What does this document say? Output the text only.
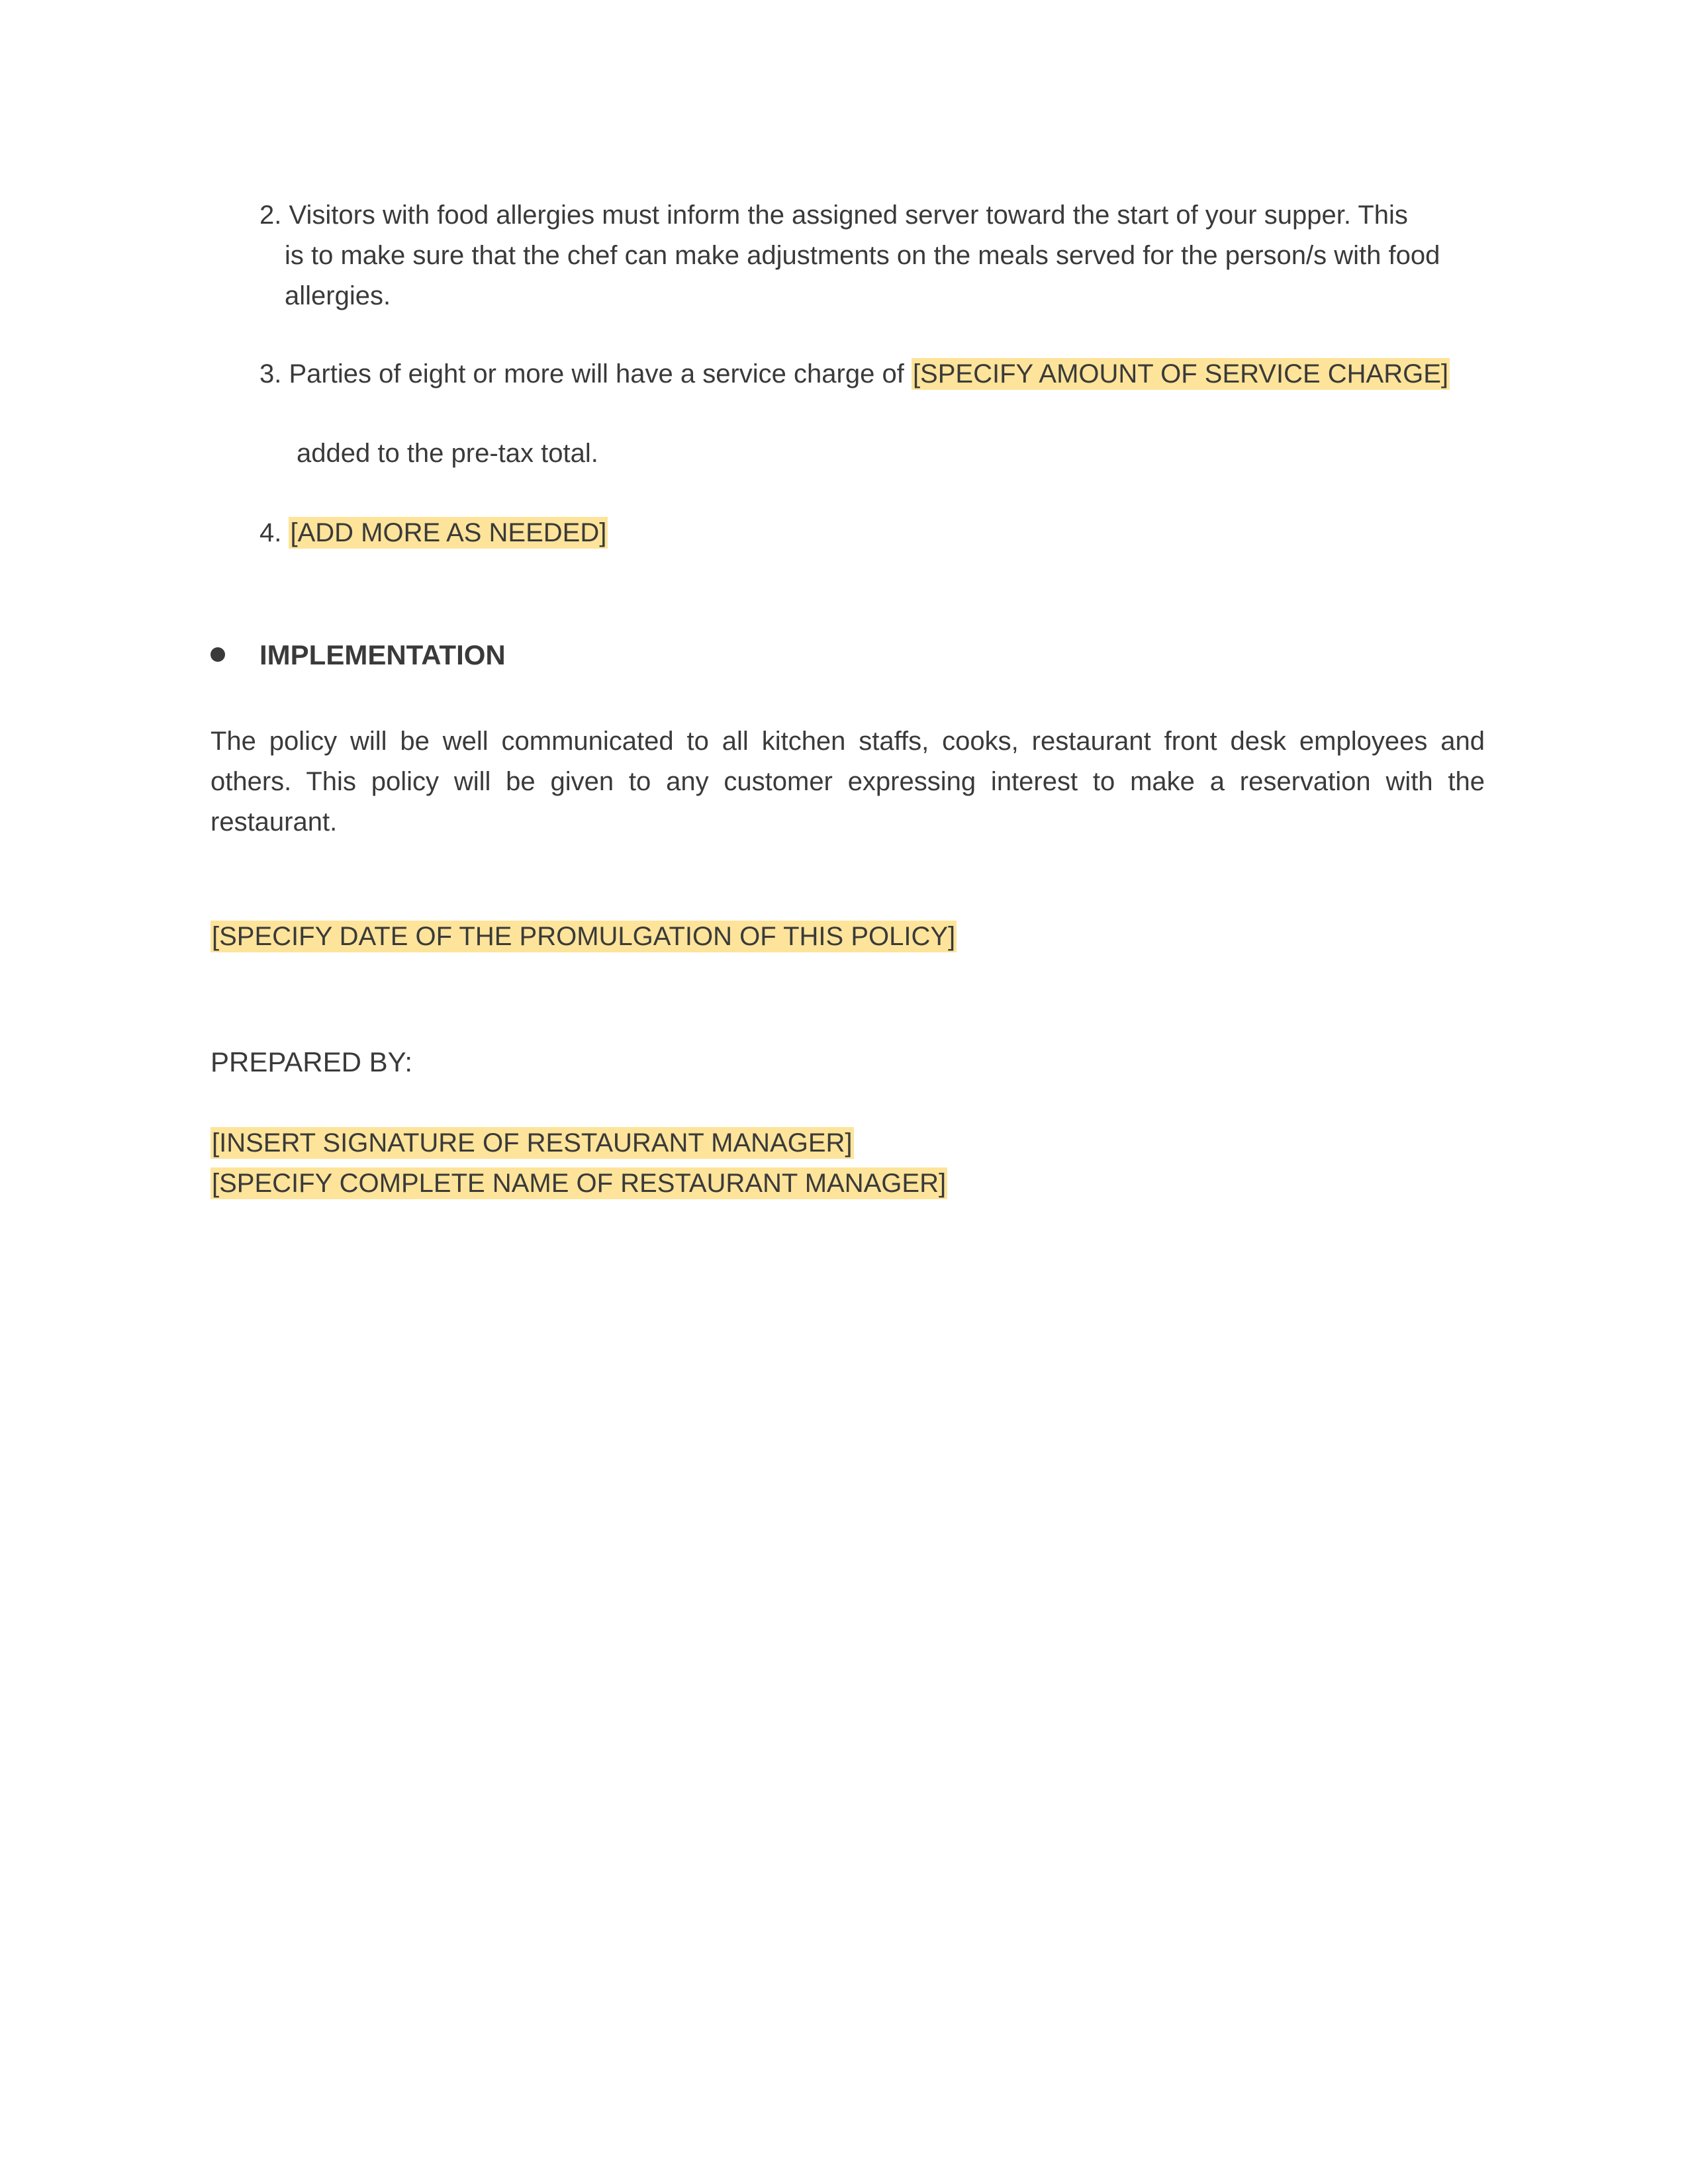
2. Visitors with food allergies must inform the assigned server toward the start of your supper. This
is to make sure that the chef can make adjustments on the meals served for the person/s with food
allergies.
3. Parties of eight or more will have a service charge of [SPECIFY AMOUNT OF SERVICE CHARGE]
added to the pre-tax total.
4. [ADD MORE AS NEEDED]
IMPLEMENTATION
The policy will be well communicated to all kitchen staffs, cooks, restaurant front desk employees and others. This policy will be given to any customer expressing interest to make a reservation with the restaurant.
[SPECIFY DATE OF THE PROMULGATION OF THIS POLICY]
PREPARED BY:
[INSERT SIGNATURE OF RESTAURANT MANAGER]
[SPECIFY COMPLETE NAME OF RESTAURANT MANAGER]
